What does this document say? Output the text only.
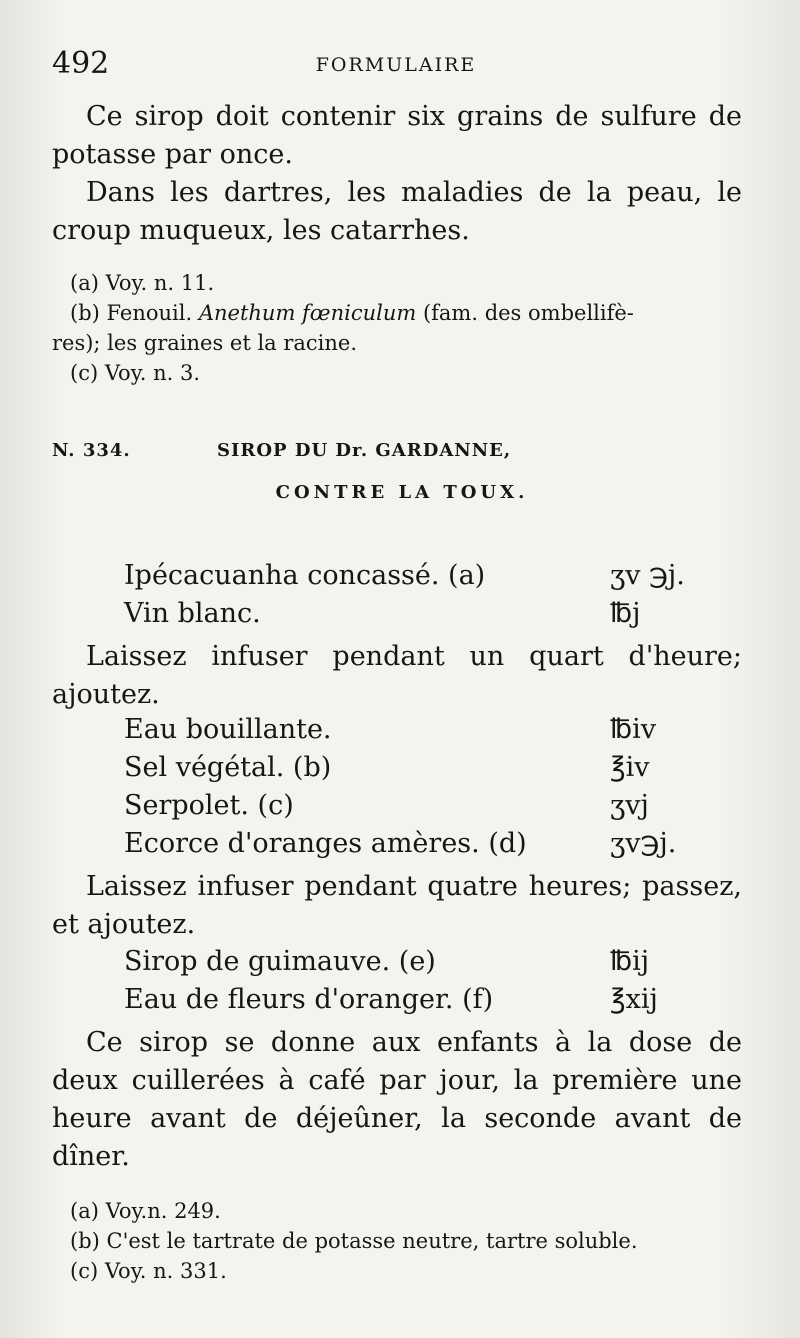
492	FORMULAIRE

Ce sirop doit contenir six grains de sulfure de potasse par once.

Dans les dartres, les maladies de la peau, le croup muqueux, les catarrhes.

(a) Voy. n. 11.
(b) Fenouil. Anethum fœniculum (fam. des ombellifè-
res); les graines et la racine.
(c) Voy. n. 3.
N. 334.	SIROP DU Dr. GARDANNE,
CONTRE LA TOUX.
Ipécacuanha concassé. (a)	ʒv ℈j.
Vin blanc.	℔j

Laissez infuser pendant un quart d'heure; ajoutez.

Eau bouillante.	℔iv
Sel végétal. (b)	℥iv
Serpolet. (c)	ʒvj
Ecorce d'oranges amères. (d)	ʒv℈j.

Laissez infuser pendant quatre heures; passez, et ajoutez.

Sirop de guimauve. (e)	℔ij
Eau de fleurs d'oranger. (f)	℥xij

Ce sirop se donne aux enfants à la dose de deux cuillerées à café par jour, la première une heure avant de déjeûner, la seconde avant de dîner.

(a) Voy.n. 249.
(b) C'est le tartrate de potasse neutre, tartre soluble.
(c) Voy. n. 331.
